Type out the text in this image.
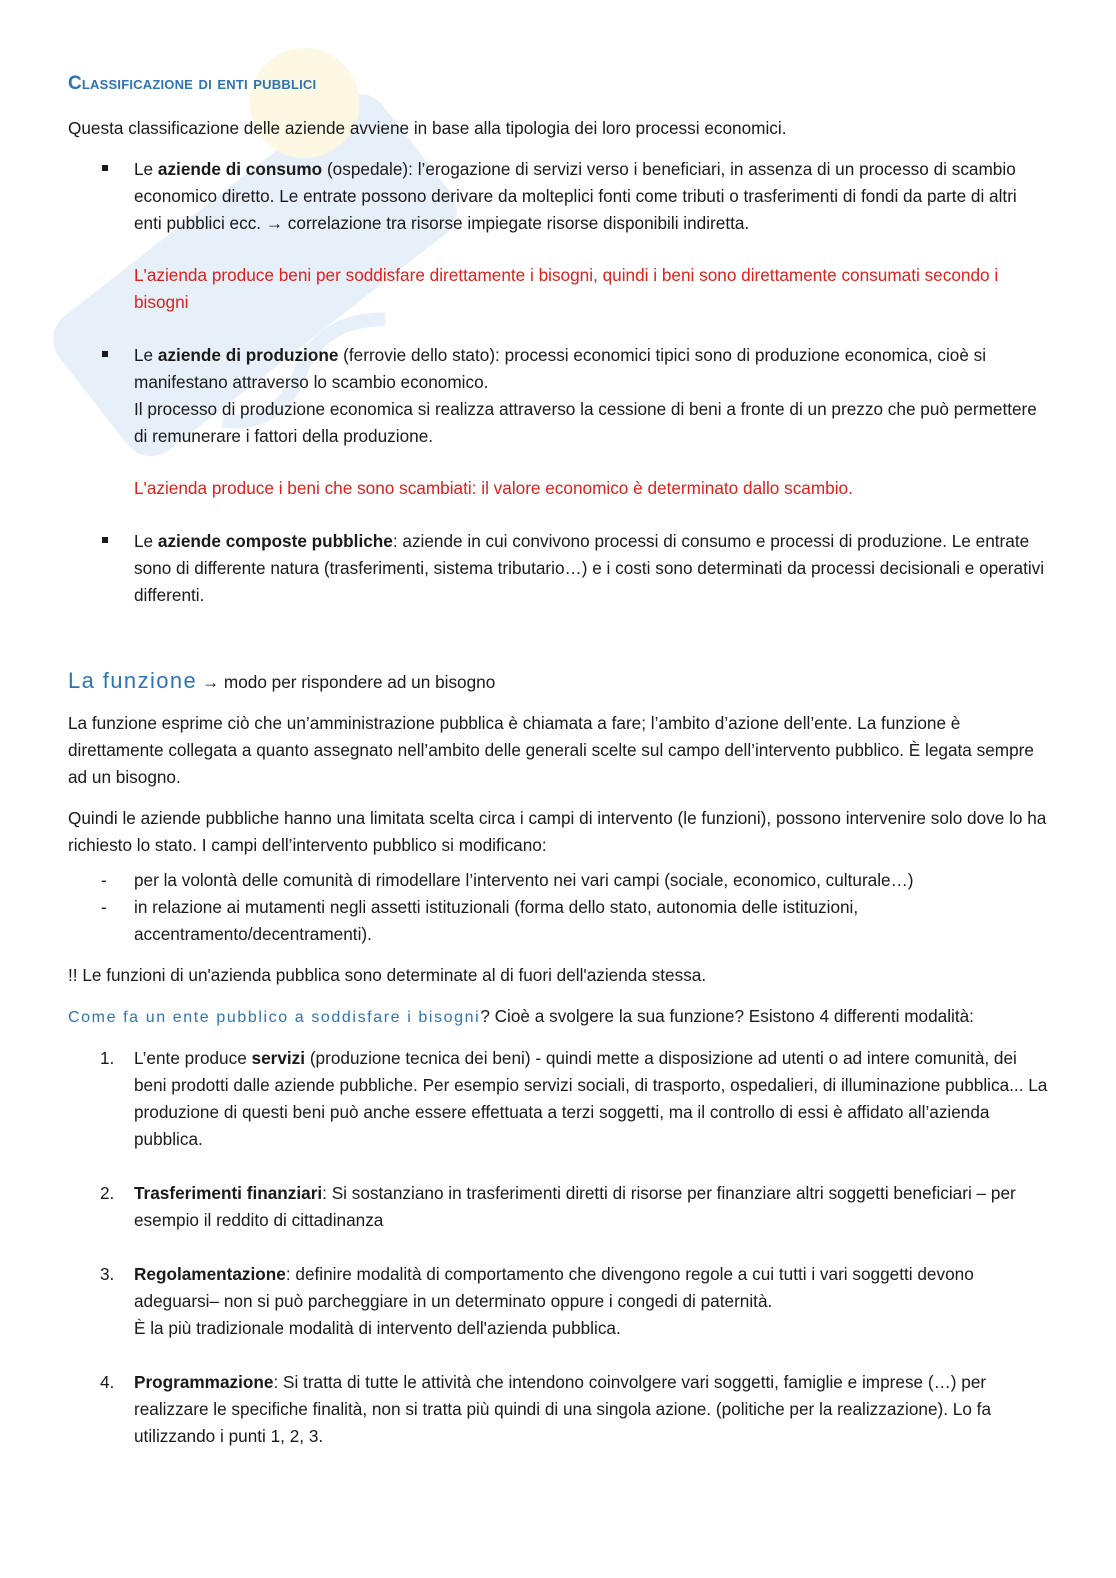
Classificazione di enti pubblici

Questa classificazione delle aziende avviene in base alla tipologia dei loro processi economici.

Le aziende di consumo (ospedale): l’erogazione di servizi verso i beneficiari, in assenza di un processo di scambio economico diretto. Le entrate possono derivare da molteplici fonti come tributi o trasferimenti di fondi da parte di altri enti pubblici ecc. → correlazione tra risorse impiegate risorse disponibili indiretta.

L'azienda produce beni per soddisfare direttamente i bisogni, quindi i beni sono direttamente consumati secondo i bisogni

Le aziende di produzione (ferrovie dello stato): processi economici tipici sono di produzione economica, cioè si manifestano attraverso lo scambio economico.
Il processo di produzione economica si realizza attraverso la cessione di beni a fronte di un prezzo che può permettere di remunerare i fattori della produzione.

L'azienda produce i beni che sono scambiati: il valore economico è determinato dallo scambio.

Le aziende composte pubbliche: aziende in cui convivono processi di consumo e processi di produzione. Le entrate sono di differente natura (trasferimenti, sistema tributario…) e i costi sono determinati da processi decisionali e operativi differenti.

La funzione → modo per rispondere ad un bisogno

La funzione esprime ciò che un’amministrazione pubblica è chiamata a fare; l’ambito d’azione dell’ente. La funzione è direttamente collegata a quanto assegnato nell’ambito delle generali scelte sul campo dell’intervento pubblico. È legata sempre ad un bisogno.

Quindi le aziende pubbliche hanno una limitata scelta circa i campi di intervento (le funzioni), possono intervenire solo dove lo ha richiesto lo stato. I campi dell’intervento pubblico si modificano:

- per la volontà delle comunità di rimodellare l’intervento nei vari campi (sociale, economico, culturale…)
- in relazione ai mutamenti negli assetti istituzionali (forma dello stato, autonomia delle istituzioni, accentramento/decentramenti).

!! Le funzioni di un'azienda pubblica sono determinate al di fuori dell'azienda stessa.

Come fa un ente pubblico a soddisfare i bisogni? Cioè a svolgere la sua funzione? Esistono 4 differenti modalità:

1. L’ente produce servizi (produzione tecnica dei beni) - quindi mette a disposizione ad utenti o ad intere comunità, dei beni prodotti dalle aziende pubbliche. Per esempio servizi sociali, di trasporto, ospedalieri, di illuminazione pubblica... La produzione di questi beni può anche essere effettuata a terzi soggetti, ma il controllo di essi è affidato all’azienda pubblica.
2. Trasferimenti finanziari: Si sostanziano in trasferimenti diretti di risorse per finanziare altri soggetti beneficiari – per esempio il reddito di cittadinanza
3. Regolamentazione: definire modalità di comportamento che divengono regole a cui tutti i vari soggetti devono adeguarsi– non si può parcheggiare in un determinato oppure i congedi di paternità.
È la più tradizionale modalità di intervento dell'azienda pubblica.
4. Programmazione: Si tratta di tutte le attività che intendono coinvolgere vari soggetti, famiglie e imprese (…) per realizzare le specifiche finalità, non si tratta più quindi di una singola azione. (politiche per la realizzazione). Lo fa utilizzando i punti 1, 2, 3.
